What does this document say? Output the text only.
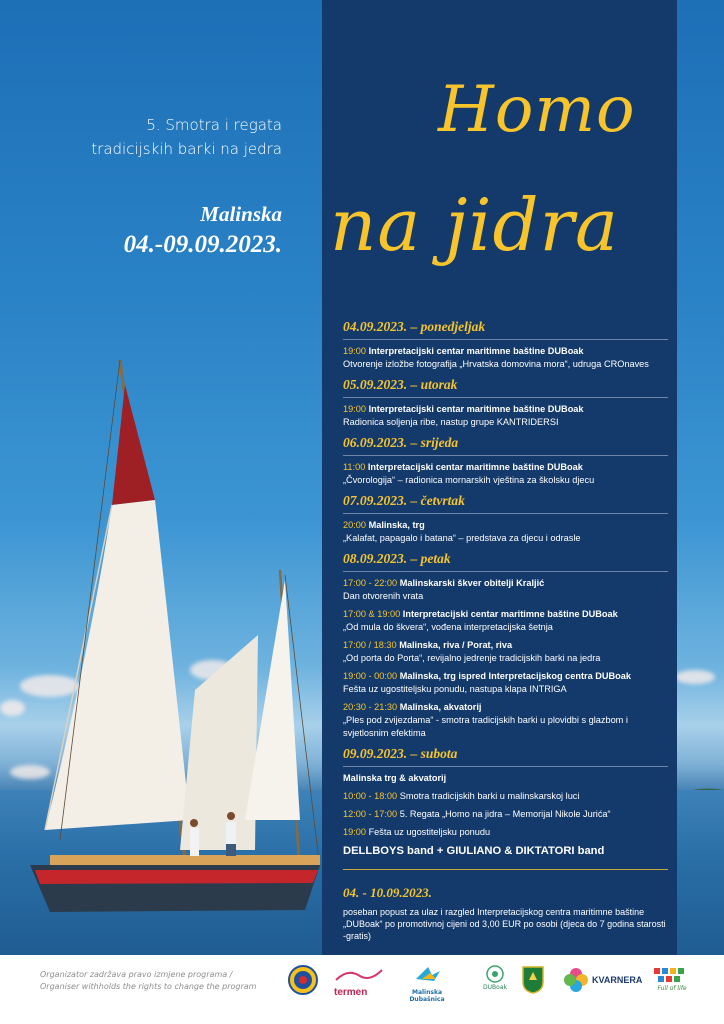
5. Smotra i regata
tradicijskih barki na jedra
Malinska
04.-09.09.2023.
Homo
na jidra
04.09.2023. – ponedjeljak
19:00 Interpretacijski centar maritimne baštine DUBoak
Otvorenje izložbe fotografija „Hrvatska domovina mora“, udruga CROnaves
05.09.2023. – utorak
19:00 Interpretacijski centar maritimne baštine DUBoak
Radionica soljenja ribe, nastup grupe KANTRIDERSI
06.09.2023. – srijeda
11:00 Interpretacijski centar maritimne baštine DUBoak
„Čvorologija“ – radionica mornarskih vještina za školsku djecu
07.09.2023. – četvrtak
20:00 Malinska, trg
„Kalafat, papagalo i batana“ – predstava za djecu i odrasle
08.09.2023. – petak
17:00 - 22:00 Malinskarski škver obitelji Kraljić
Dan otvorenih vrata
17:00 & 19:00 Interpretacijski centar maritimne baštine DUBoak
„Od mula do škvera“, vođena interpretacijska šetnja
17:00 / 18:30 Malinska, riva / Porat, riva
„Od porta do Porta“, revijalno jedrenje tradicijskih barki na jedra
19:00 - 00:00 Malinska, trg ispred Interpretacijskog centra DUBoak
Fešta uz ugostiteljsku ponudu, nastupa klapa INTRIGA
20:30 - 21:30 Malinska, akvatorij
„Ples pod zvijezdama“ - smotra tradicijskih barki u plovidbi s glazbom i svjetlosnim efektima
09.09.2023. – subota
Malinska trg & akvatorij
10:00 - 18:00 Smotra tradicijskih barki u malinskarskoj luci
12:00 - 17:00 5. Regata „Homo na jidra – Memorijal Nikole Jurića“
19:00 Fešta uz ugostiteljsku ponudu
DELLBOYS band + GIULIANO & DIKTATORI band
04. - 10.09.2023.
poseban popust za ulaz i razgled Interpretacijskog centra maritimne baštine „DUBoak“ po promotivnoj cijeni od 3,00 EUR po osobi (djeca do 7 godina starosti -gratis)
Organizator zadržava pravo izmjene programa /
Organiser withholds the rights to change the program
termen	Malinska Dubašnica
DUBoak
KVARNERA
Full of life
